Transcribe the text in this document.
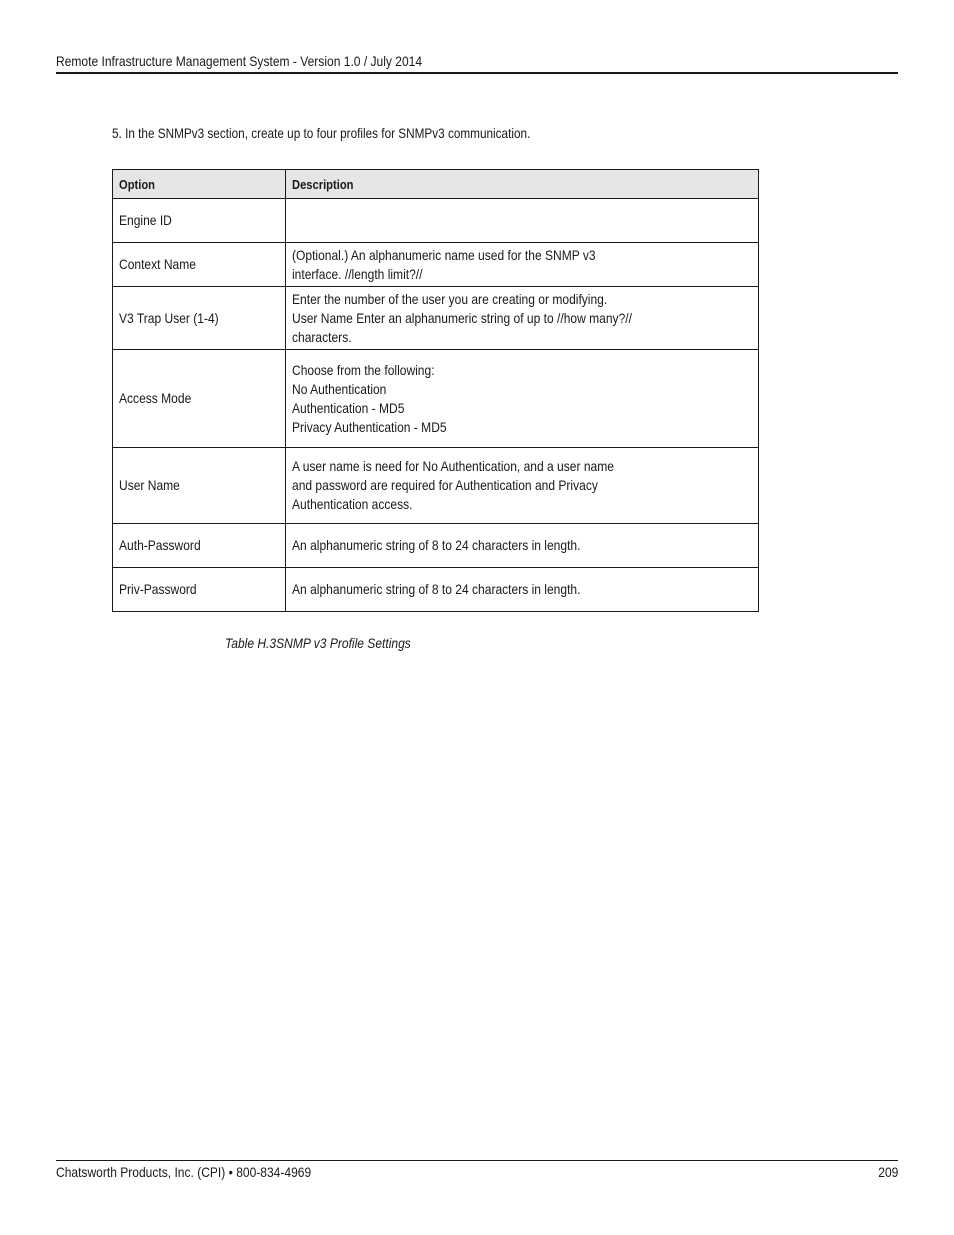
Remote Infrastructure Management System - Version 1.0 / July 2014
5. In the SNMPv3 section, create up to four profiles for SNMPv3 communication.
Option	Description
Engine ID	
Context Name	(Optional.) An alphanumeric name used for the SNMP v3
interface. //length limit?//
V3 Trap User (1-4)	Enter the number of the user you are creating or modifying.
User Name Enter an alphanumeric string of up to //how many?//
characters.
Access Mode	Choose from the following:
No Authentication
Authentication - MD5
Privacy Authentication - MD5
User Name	A user name is need for No Authentication, and a user name
and password are required for Authentication and Privacy
Authentication access.
Auth-Password	An alphanumeric string of 8 to 24 characters in length.
Priv-Password	An alphanumeric string of 8 to 24 characters in length.
Table H.3SNMP v3 Profile Settings
Chatsworth Products, Inc. (CPI) • 800-834-4969	209
